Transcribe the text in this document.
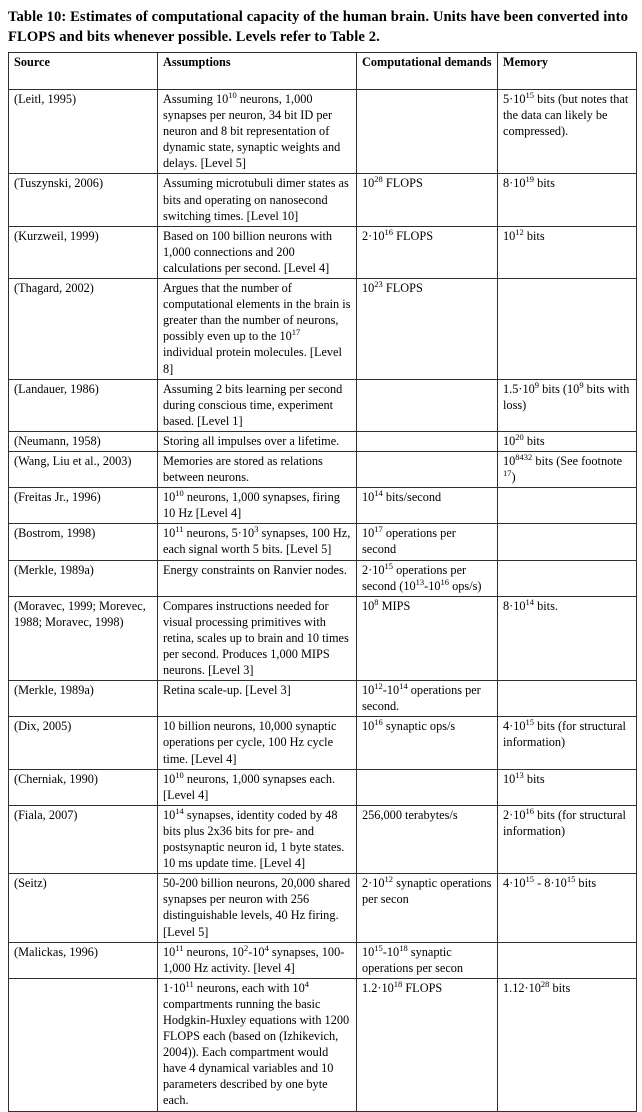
Table 10: Estimates of computational capacity of the human brain. Units have been converted into FLOPS and bits whenever possible. Levels refer to Table 2.
Source	Assumptions	Computational demands	Memory
(Leitl, 1995)	Assuming $10^{10}$ neurons, 1,000 synapses per neuron, 34 bit ID per neuron and 8 bit representation of dynamic state, synaptic weights and delays. [Level 5]		$5\cdot 10^{15}$ bits (but notes that the data can likely be compressed).
(Tuszynski, 2006)	Assuming microtubuli dimer states as bits and operating on nanosecond switching times. [Level 10]	$10^{28}$ FLOPS	$8\cdot 10^{19}$ bits
(Kurzweil, 1999)	Based on 100 billion neurons with 1,000 connections and 200 calculations per second. [Level 4]	$2\cdot 10^{16}$ FLOPS	$10^{12}$ bits
(Thagard, 2002)	Argues that the number of computational elements in the brain is greater than the number of neurons, possibly even up to the $10^{17}$ individual protein molecules. [Level 8]	$10^{23}$ FLOPS	
(Landauer, 1986)	Assuming 2 bits learning per second during conscious time, experiment based. [Level 1]		$1.5\cdot 10^9$ bits ($10^9$ bits with loss)
(Neumann, 1958)	Storing all impulses over a lifetime.		$10^{20}$ bits
(Wang, Liu et al., 2003)	Memories are stored as relations between neurons.		$10^{8432}$ bits (See footnote $^{17}$)
(Freitas Jr., 1996)	$10^{10}$ neurons, 1,000 synapses, firing 10 Hz [Level 4]	$10^{14}$ bits/second	
(Bostrom, 1998)	$10^{11}$ neurons, $5\cdot 10^3$ synapses, 100 Hz, each signal worth 5 bits. [Level 5]	$10^{17}$ operations per second	
(Merkle, 1989a)	Energy constraints on Ranvier nodes.	$2\cdot 10^{15}$ operations per second ($10^{13}-10^{16}$ ops/s)	
(Moravec, 1999; Morevec, 1988; Moravec, 1998)	Compares instructions needed for visual processing primitives with retina, scales up to brain and 10 times per second. Produces 1,000 MIPS neurons. [Level 3]	$10^8$ MIPS	$8\cdot 10^{14}$ bits.
(Merkle, 1989a)	Retina scale-up. [Level 3]	$10^{12}-10^{14}$ operations per second.	
(Dix, 2005)	10 billion neurons, 10,000 synaptic operations per cycle, 100 Hz cycle time. [Level 4]	$10^{16}$ synaptic ops/s	$4\cdot 10^{15}$ bits (for structural information)
(Cherniak, 1990)	$10^{10}$ neurons, 1,000 synapses each. [Level 4]		$10^{13}$ bits
(Fiala, 2007)	$10^{14}$ synapses, identity coded by 48 bits plus 2x36 bits for pre- and postsynaptic neuron id, 1 byte states. 10 ms update time. [Level 4]	256,000 terabytes/s	$2\cdot 10^{16}$ bits (for structural information)
(Seitz)	50-200 billion neurons, 20,000 shared synapses per neuron with 256 distinguishable levels, 40 Hz firing. [Level 5]	$2\cdot 10^{12}$ synaptic operations per secon	$4\cdot 10^{15} - 8\cdot 10^{15}$ bits
(Malickas, 1996)	$10^{11}$ neurons, $10^2-10^4$ synapses, 100-1,000 Hz activity. [level 4]	$10^{15}-10^{18}$ synaptic operations per secon	
	$1\cdot 10^{11}$ neurons, each with $10^4$ compartments running the basic Hodgkin-Huxley equations with 1200 FLOPS each (based on (Izhikevich, 2004)). Each compartment would have 4 dynamical variables and 10 parameters described by one byte each.	$1.2\cdot 10^{18}$ FLOPS	$1.12\cdot 10^{28}$ bits
